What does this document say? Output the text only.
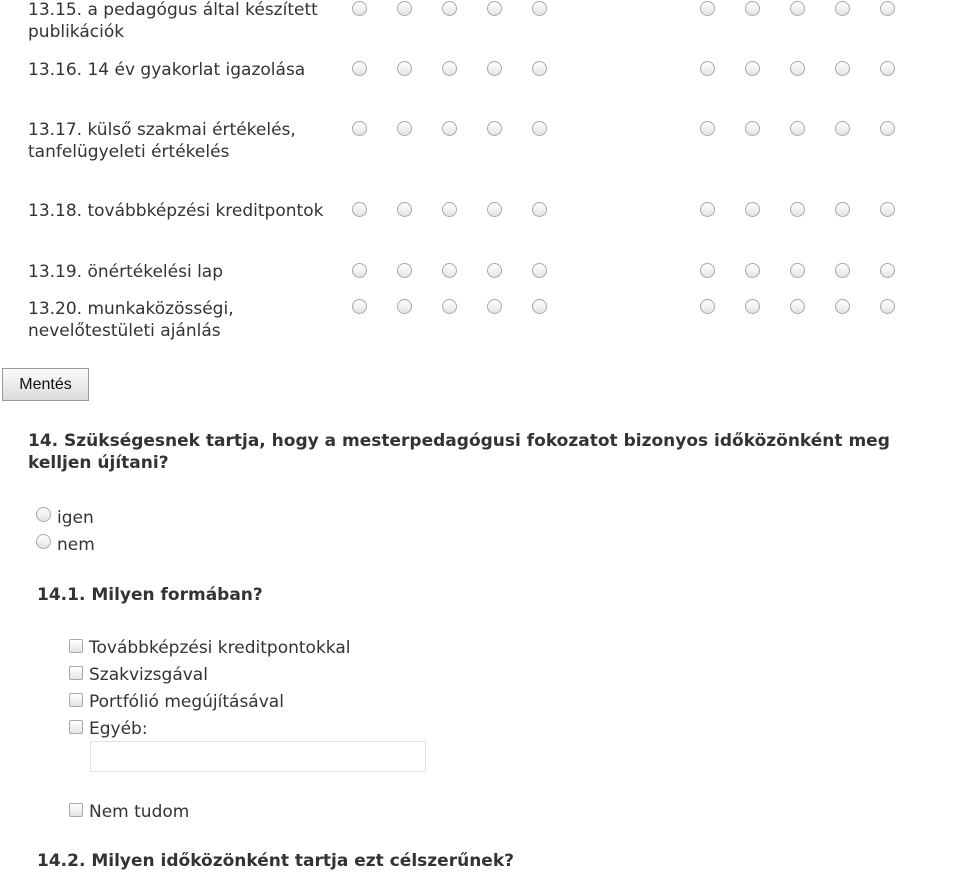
13.15. a pedagógus által készített publikációk
13.16. 14 év gyakorlat igazolása
13.17. külső szakmai értékelés, tanfelügyeleti értékelés
13.18. továbbképzési kreditpontok
13.19. önértékelési lap
13.20. munkaközösségi, nevelőtestületi ajánlás
Mentés
14. Szükségesnek tartja, hogy a mesterpedagógusi fokozatot bizonyos időközönként meg kelljen újítani?
igen
nem
14.1. Milyen formában?
Továbbképzési kreditpontokkal
Szakvizsgával
Portfólió megújításával
Egyéb:
Nem tudom
14.2. Milyen időközönként tartja ezt célszerűnek?
